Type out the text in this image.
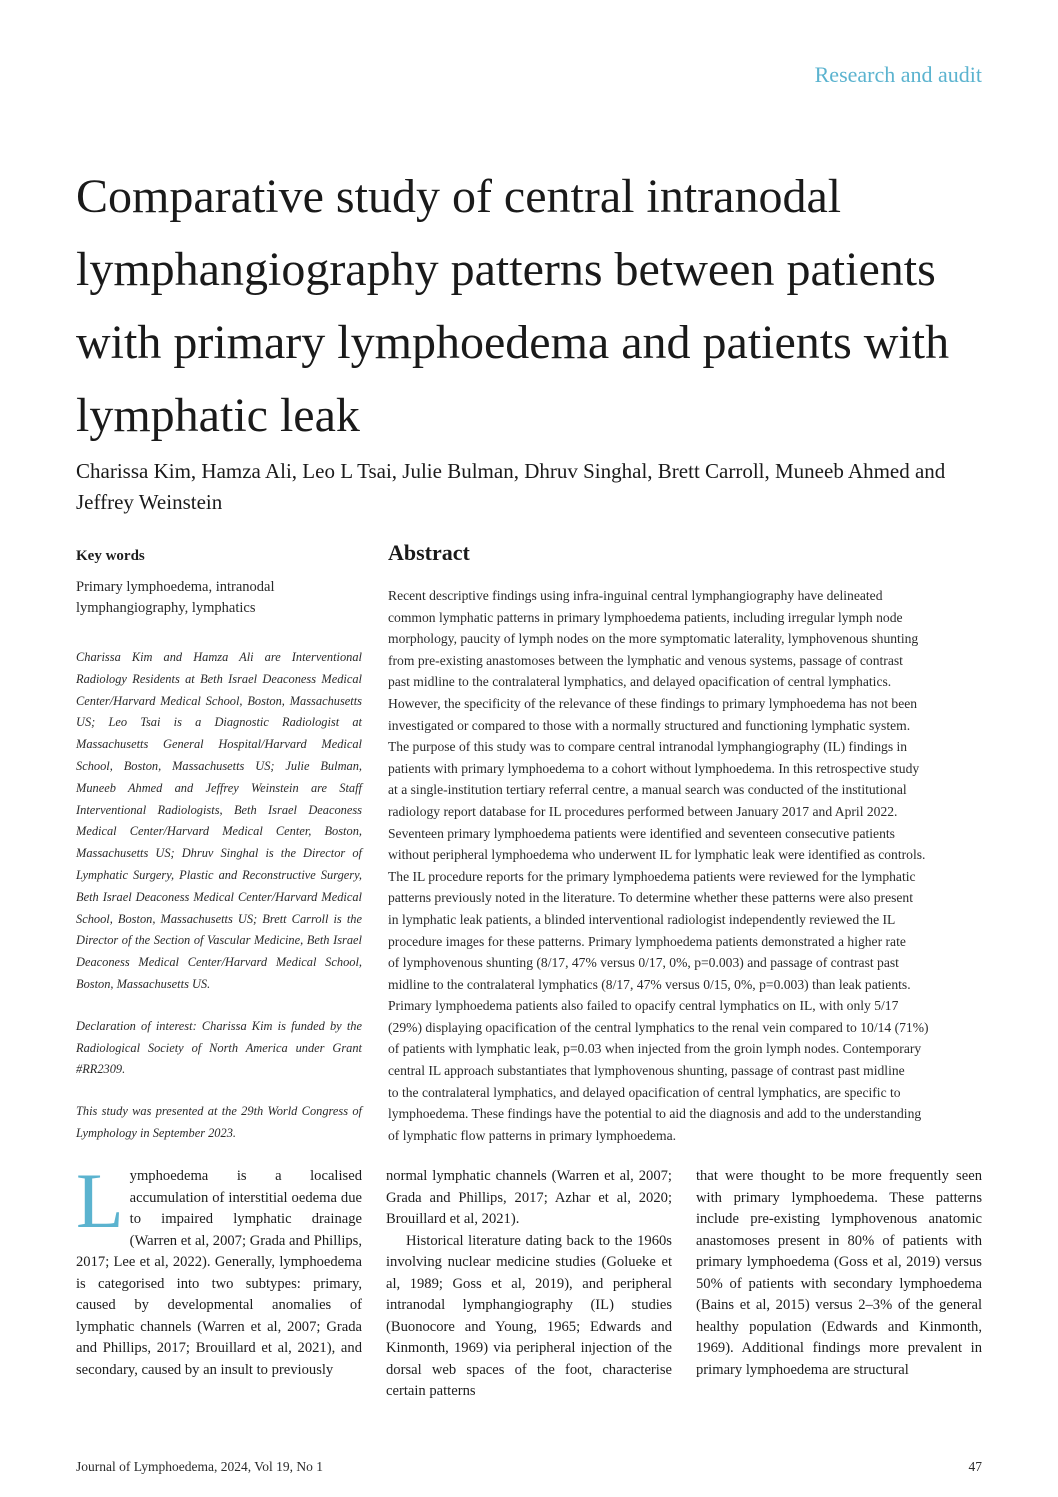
Research and audit
Comparative study of central intranodal lymphangiography patterns between patients with primary lymphoedema and patients with lymphatic leak

Charissa Kim, Hamza Ali, Leo L Tsai, Julie Bulman, Dhruv Singhal, Brett Carroll, Muneeb Ahmed and Jeffrey Weinstein

Key words

Primary lymphoedema, intranodal lymphangiography, lymphatics

Charissa Kim and Hamza Ali are Interventional Radiology Residents at Beth Israel Deaconess Medical Center/Harvard Medical School, Boston, Massachusetts US; Leo Tsai is a Diagnostic Radiologist at Massachusetts General Hospital/Harvard Medical School, Boston, Massachusetts US; Julie Bulman, Muneeb Ahmed and Jeffrey Weinstein are Staff Interventional Radiologists, Beth Israel Deaconess Medical Center/Harvard Medical Center, Boston, Massachusetts US; Dhruv Singhal is the Director of Lymphatic Surgery, Plastic and Reconstructive Surgery, Beth Israel Deaconess Medical Center/Harvard Medical School, Boston, Massachusetts US; Brett Carroll is the Director of the Section of Vascular Medicine, Beth Israel Deaconess Medical Center/Harvard Medical School, Boston, Massachusetts US.

Declaration of interest: Charissa Kim is funded by the Radiological Society of North America under Grant #RR2309.

This study was presented at the 29th World Congress of Lymphology in September 2023.

Abstract

Recent descriptive findings using infra-inguinal central lymphangiography have delineated
common lymphatic patterns in primary lymphoedema patients, including irregular lymph node
morphology, paucity of lymph nodes on the more symptomatic laterality, lymphovenous shunting
from pre-existing anastomoses between the lymphatic and venous systems, passage of contrast
past midline to the contralateral lymphatics, and delayed opacification of central lymphatics.
However, the specificity of the relevance of these findings to primary lymphoedema has not been
investigated or compared to those with a normally structured and functioning lymphatic system.
The purpose of this study was to compare central intranodal lymphangiography (IL) findings in
patients with primary lymphoedema to a cohort without lymphoedema. In this retrospective study
at a single-institution tertiary referral centre, a manual search was conducted of the institutional
radiology report database for IL procedures performed between January 2017 and April 2022.
Seventeen primary lymphoedema patients were identified and seventeen consecutive patients
without peripheral lymphoedema who underwent IL for lymphatic leak were identified as controls.
The IL procedure reports for the primary lymphoedema patients were reviewed for the lymphatic
patterns previously noted in the literature. To determine whether these patterns were also present
in lymphatic leak patients, a blinded interventional radiologist independently reviewed the IL
procedure images for these patterns. Primary lymphoedema patients demonstrated a higher rate
of lymphovenous shunting (8/17, 47% versus 0/17, 0%, p=0.003) and passage of contrast past
midline to the contralateral lymphatics (8/17, 47% versus 0/15, 0%, p=0.003) than leak patients.
Primary lymphoedema patients also failed to opacify central lymphatics on IL, with only 5/17
(29%) displaying opacification of the central lymphatics to the renal vein compared to 10/14 (71%)
of patients with lymphatic leak, p=0.03 when injected from the groin lymph nodes. Contemporary
central IL approach substantiates that lymphovenous shunting, passage of contrast past midline
to the contralateral lymphatics, and delayed opacification of central lymphatics, are specific to
lymphoedema. These findings have the potential to aid the diagnosis and add to the understanding
of lymphatic flow patterns in primary lymphoedema.

Lymphoedema is a localised accumulation of interstitial oedema due to impaired lymphatic drainage (Warren et al, 2007; Grada and Phillips, 2017; Lee et al, 2022). Generally, lymphoedema is categorised into two subtypes: primary, caused by developmental anomalies of lymphatic channels (Warren et al, 2007; Grada and Phillips, 2017; Brouillard et al, 2021), and secondary, caused by an insult to previously

normal lymphatic channels (Warren et al, 2007; Grada and Phillips, 2017; Azhar et al, 2020; Brouillard et al, 2021).

Historical literature dating back to the 1960s involving nuclear medicine studies (Golueke et al, 1989; Goss et al, 2019), and peripheral intranodal lymphangiography (IL) studies (Buonocore and Young, 1965; Edwards and Kinmonth, 1969) via peripheral injection of the dorsal web spaces of the foot, characterise certain patterns

that were thought to be more frequently seen with primary lymphoedema. These patterns include pre-existing lymphovenous anatomic anastomoses present in 80% of patients with primary lymphoedema (Goss et al, 2019) versus 50% of patients with secondary lymphoedema (Bains et al, 2015) versus 2–3% of the general healthy population (Edwards and Kinmonth, 1969). Additional findings more prevalent in primary lymphoedema are structural

Journal of Lymphoedema, 2024, Vol 19, No 1	47
